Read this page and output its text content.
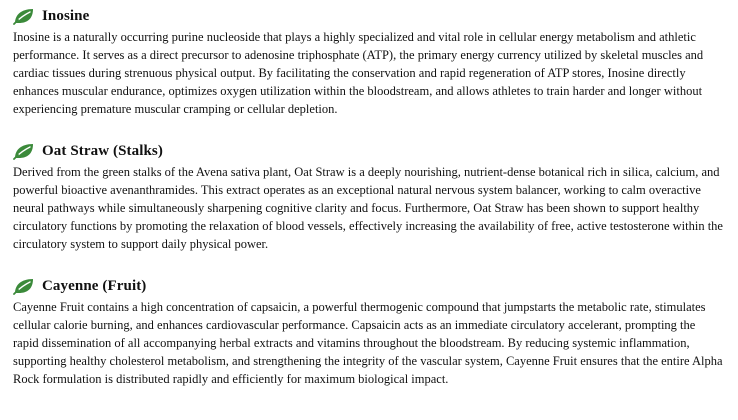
Inosine

Inosine is a naturally occurring purine nucleoside that plays a highly specialized and vital role in cellular energy metabolism and athletic performance. It serves as a direct precursor to adenosine triphosphate (ATP), the primary energy currency utilized by skeletal muscles and cardiac tissues during strenuous physical output. By facilitating the conservation and rapid regeneration of ATP stores, Inosine directly enhances muscular endurance, optimizes oxygen utilization within the bloodstream, and allows athletes to train harder and longer without experiencing premature muscular cramping or cellular depletion.

Oat Straw (Stalks)

Derived from the green stalks of the Avena sativa plant, Oat Straw is a deeply nourishing, nutrient-dense botanical rich in silica, calcium, and powerful bioactive avenanthramides. This extract operates as an exceptional natural nervous system balancer, working to calm overactive neural pathways while simultaneously sharpening cognitive clarity and focus. Furthermore, Oat Straw has been shown to support healthy circulatory functions by promoting the relaxation of blood vessels, effectively increasing the availability of free, active testosterone within the circulatory system to support daily physical power.

Cayenne (Fruit)

Cayenne Fruit contains a high concentration of capsaicin, a powerful thermogenic compound that jumpstarts the metabolic rate, stimulates cellular calorie burning, and enhances cardiovascular performance. Capsaicin acts as an immediate circulatory accelerant, prompting the rapid dissemination of all accompanying herbal extracts and vitamins throughout the bloodstream. By reducing systemic inflammation, supporting healthy cholesterol metabolism, and strengthening the integrity of the vascular system, Cayenne Fruit ensures that the entire Alpha Rock formulation is distributed rapidly and efficiently for maximum biological impact.
